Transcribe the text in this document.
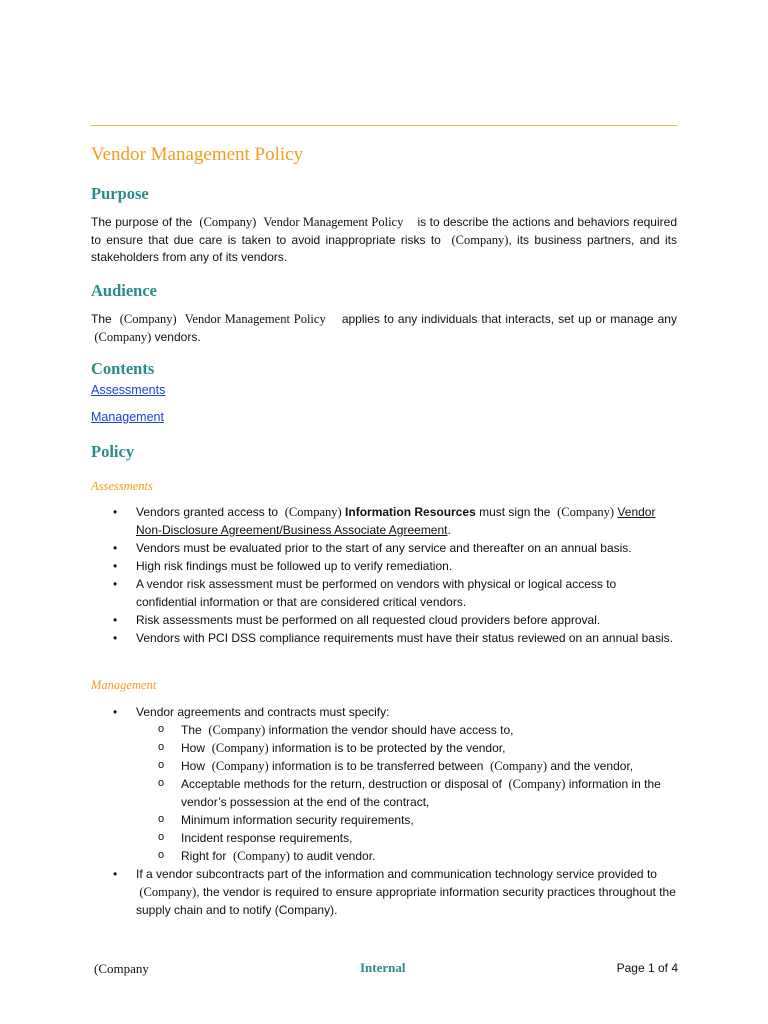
Vendor Management Policy
Purpose

The purpose of the (Company) Vendor Management Policy is to describe the actions and behaviors required to ensure that due care is taken to avoid inappropriate risks to (Company), its business partners, and its stakeholders from any of its vendors.

Audience

The (Company) Vendor Management Policy applies to any individuals that interacts, set up or manage any  (Company) vendors.

Contents
Assessments
Management
Policy

Assessments

• Vendors granted access to (Company) Information Resources must sign the (Company) Vendor Non-Disclosure Agreement/Business Associate Agreement.
• Vendors must be evaluated prior to the start of any service and thereafter on an annual basis.
• High risk findings must be followed up to verify remediation.
• A vendor risk assessment must be performed on vendors with physical or logical access to confidential information or that are considered critical vendors.
• Risk assessments must be performed on all requested cloud providers before approval.
• Vendors with PCI DSS compliance requirements must have their status reviewed on an annual basis.

Management

• Vendor agreements and contracts must specify:
o The (Company) information the vendor should have access to,
o How (Company) information is to be protected by the vendor,
o How (Company) information is to be transferred between (Company) and the vendor,
o Acceptable methods for the return, destruction or disposal of (Company) information in the vendor’s possession at the end of the contract,
o Minimum information security requirements,
o Incident response requirements,
o Right for (Company) to audit vendor.
• If a vendor subcontracts part of the information and communication technology service provided to  (Company), the vendor is required to ensure appropriate information security practices throughout the supply chain and to notify (Company).
(Company	Internal	Page 1 of 4
